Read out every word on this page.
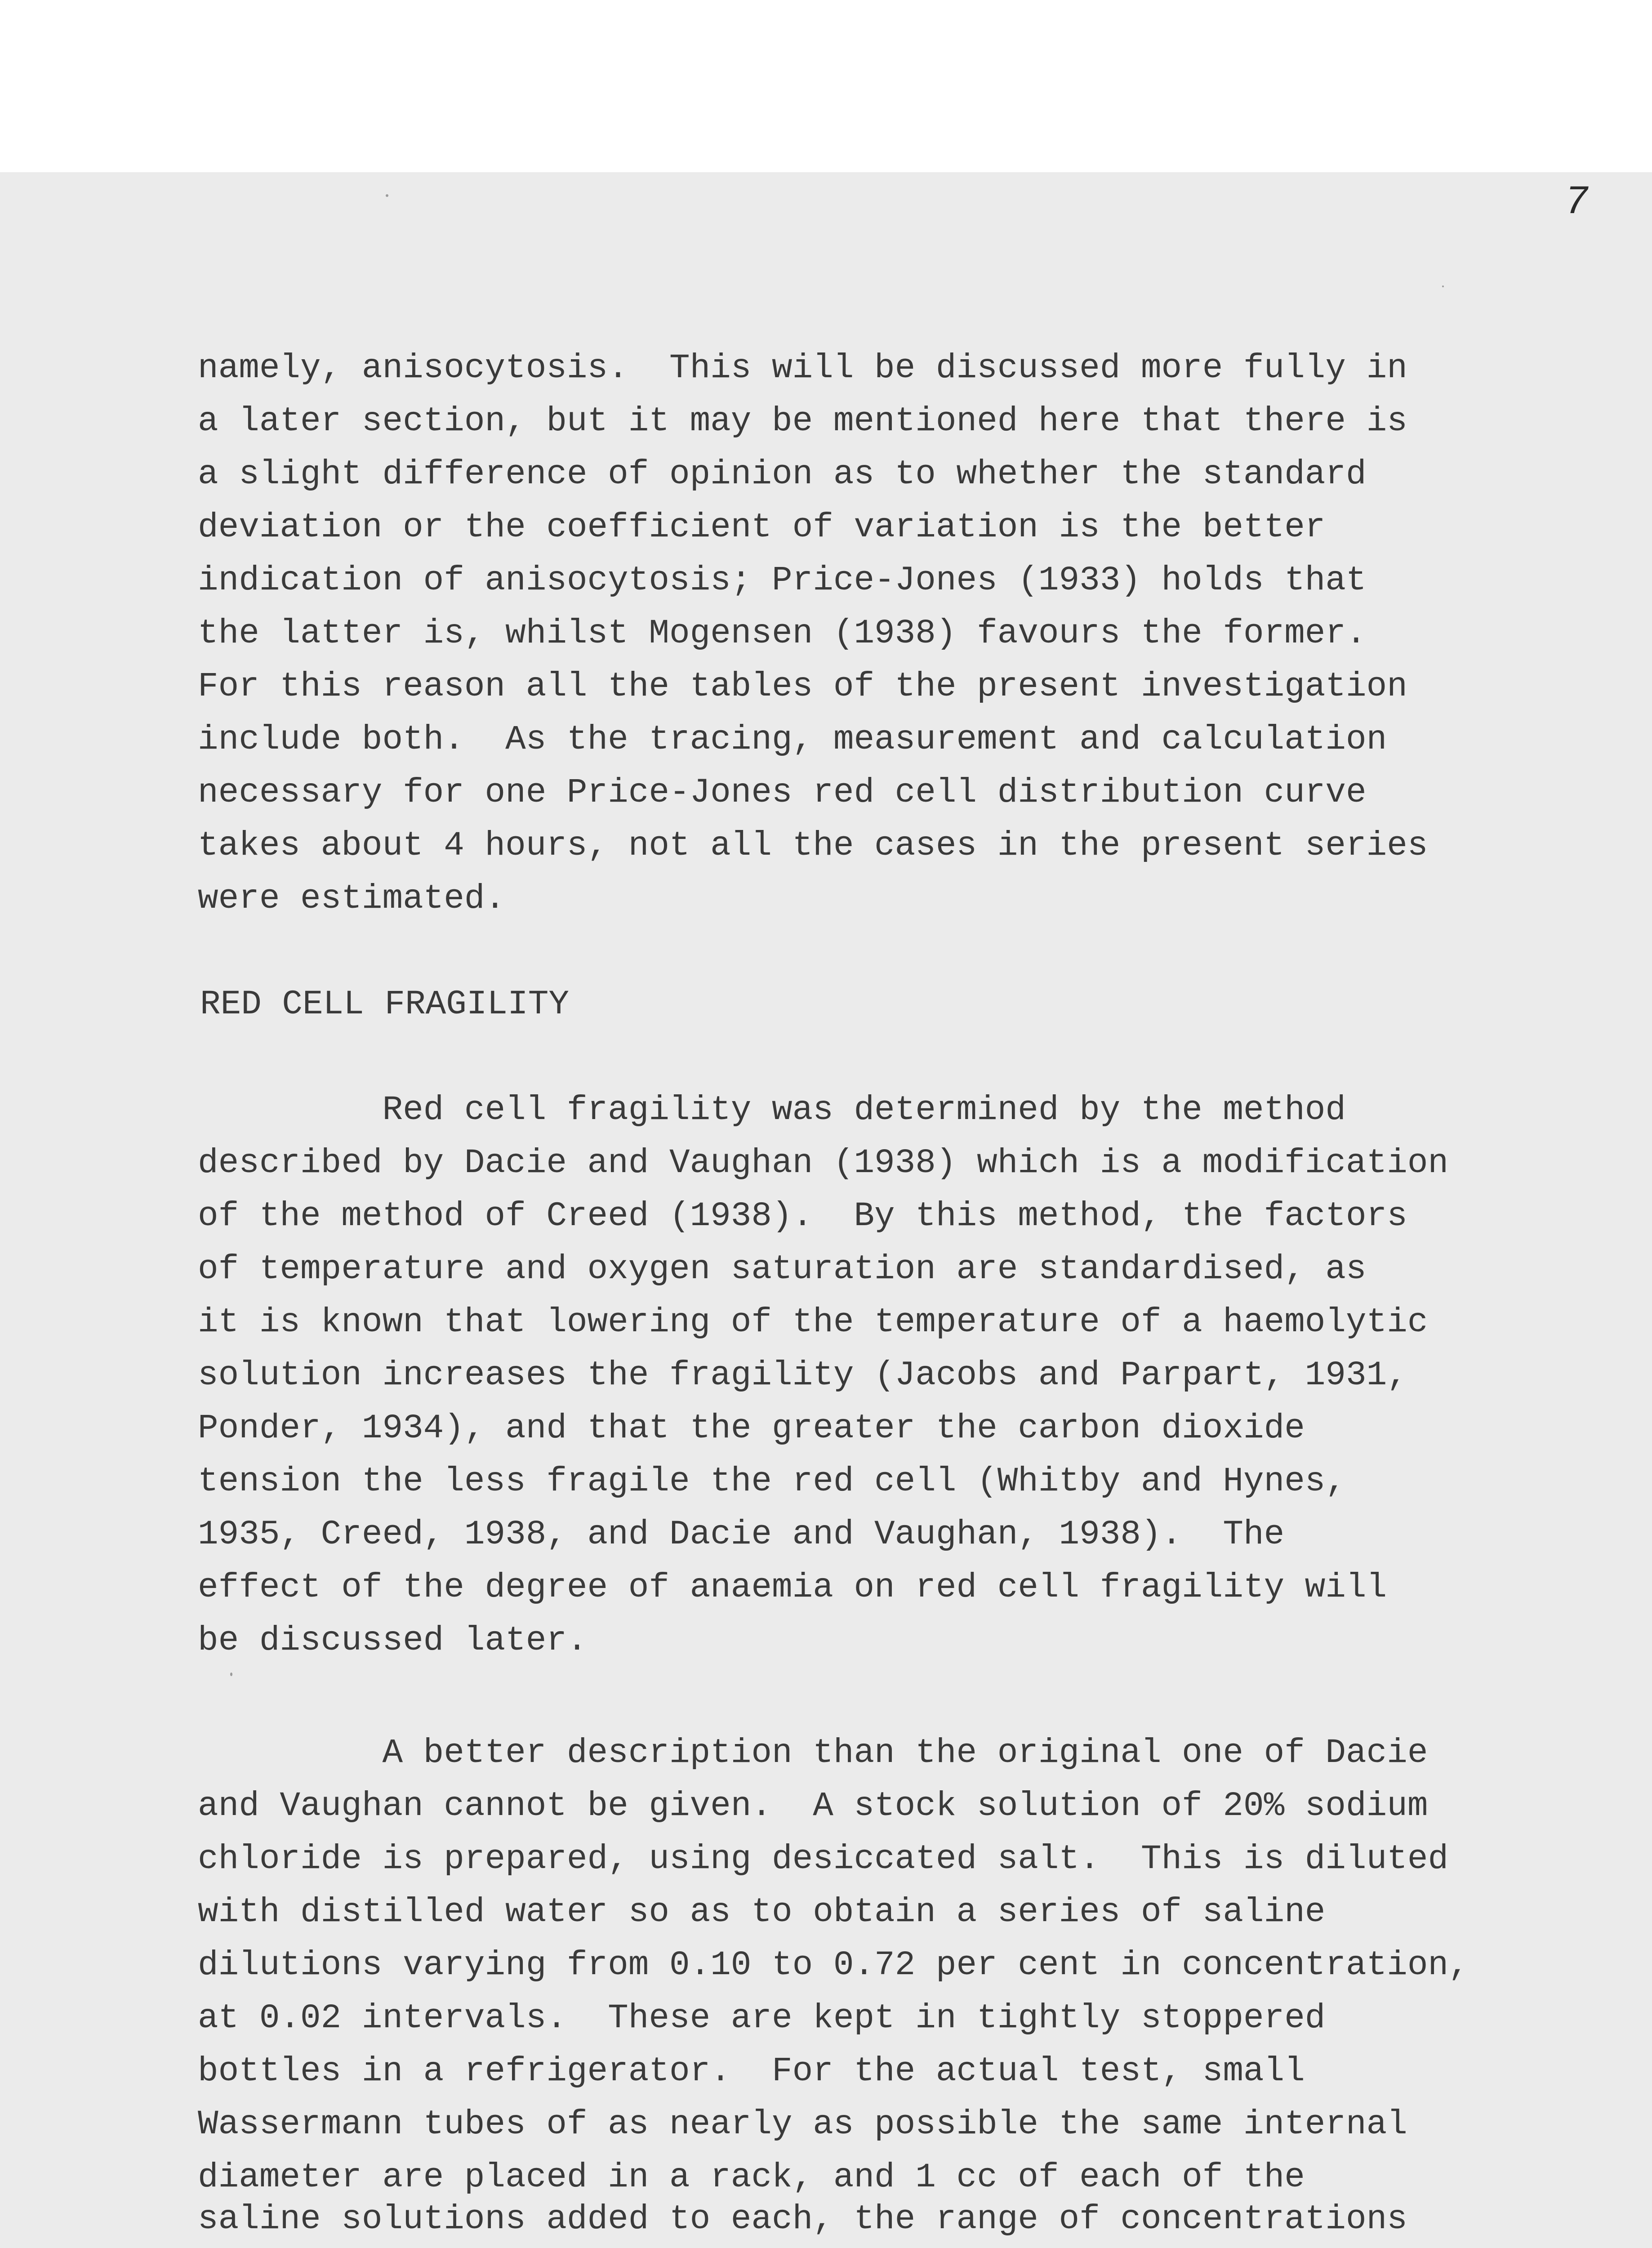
7
namely, anisocytosis.  This will be discussed more fully in
a later section, but it may be mentioned here that there is
a slight difference of opinion as to whether the standard
deviation or the coefficient of variation is the better
indication of anisocytosis; Price-Jones (1933) holds that
the latter is, whilst Mogensen (1938) favours the former.
For this reason all the tables of the present investigation
include both.  As the tracing, measurement and calculation
necessary for one Price-Jones red cell distribution curve
takes about 4 hours, not all the cases in the present series
were estimated.
RED CELL FRAGILITY
Red cell fragility was determined by the method
described by Dacie and Vaughan (1938) which is a modification
of the method of Creed (1938).  By this method, the factors
of temperature and oxygen saturation are standardised, as
it is known that lowering of the temperature of a haemolytic
solution increases the fragility (Jacobs and Parpart, 1931,
Ponder, 1934), and that the greater the carbon dioxide
tension the less fragile the red cell (Whitby and Hynes,
1935, Creed, 1938, and Dacie and Vaughan, 1938).  The
effect of the degree of anaemia on red cell fragility will
be discussed later.
A better description than the original one of Dacie
and Vaughan cannot be given.  A stock solution of 20% sodium
chloride is prepared, using desiccated salt.  This is diluted
with distilled water so as to obtain a series of saline
dilutions varying from 0.10 to 0.72 per cent in concentration,
at 0.02 intervals.  These are kept in tightly stoppered
bottles in a refrigerator.  For the actual test, small
Wassermann tubes of as nearly as possible the same internal
diameter are placed in a rack, and 1 cc of each of the
saline solutions added to each, the range of concentrations
